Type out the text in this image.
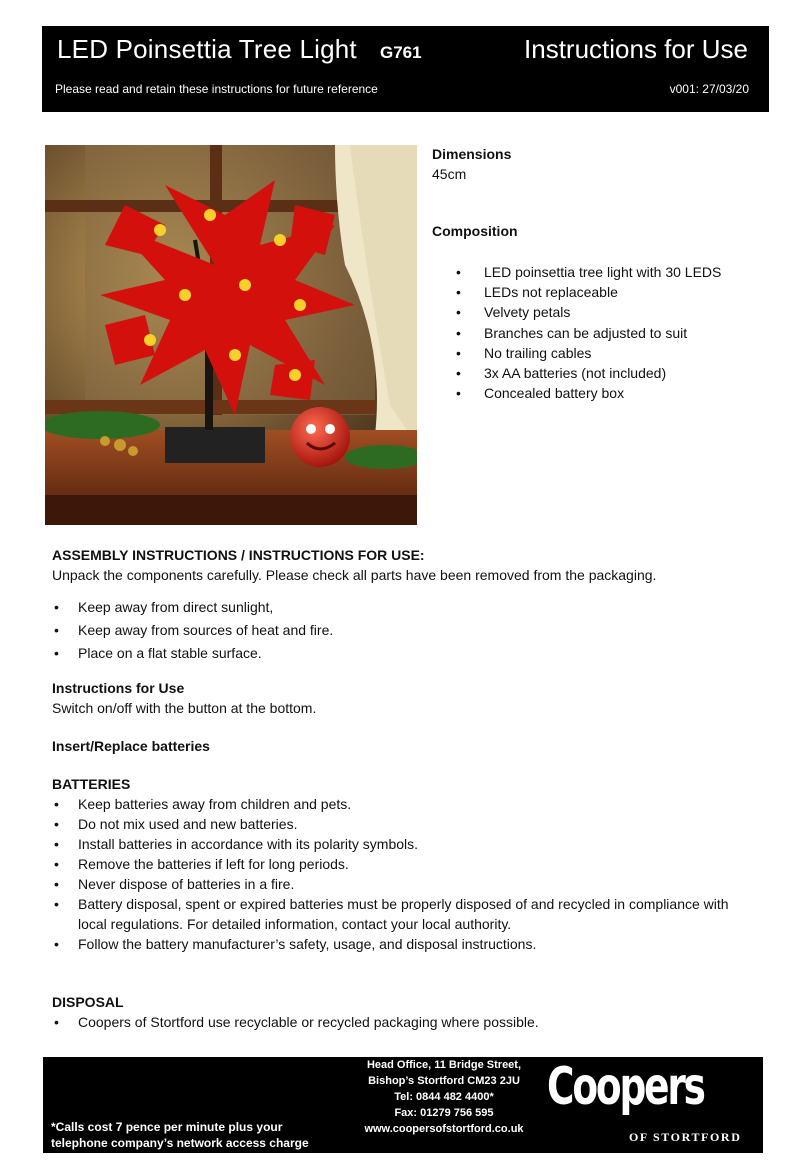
LED Poinsettia Tree Light G761	Instructions for Use
Please read and retain these instructions for future reference	v001: 27/03/20
Dimensions
45cm
Composition
• LED poinsettia tree light with 30 LEDS
• LEDs not replaceable
• Velvety petals
• Branches can be adjusted to suit
• No trailing cables
• 3x AA batteries (not included)
• Concealed battery box
ASSEMBLY INSTRUCTIONS / INSTRUCTIONS FOR USE:
Unpack the components carefully. Please check all parts have been removed from the packaging.
• Keep away from direct sunlight,
• Keep away from sources of heat and fire.
• Place on a flat stable surface.
Instructions for Use
Switch on/off with the button at the bottom.
Insert/Replace batteries
BATTERIES
• Keep batteries away from children and pets.
• Do not mix used and new batteries.
• Install batteries in accordance with its polarity symbols.
• Remove the batteries if left for long periods.
• Never dispose of batteries in a fire.
• Battery disposal, spent or expired batteries must be properly disposed of and recycled in compliance with local regulations. For detailed information, contact your local authority.
• Follow the battery manufacturer’s safety, usage, and disposal instructions.
DISPOSAL
• Coopers of Stortford use recyclable or recycled packaging where possible.
Head Office, 11 Bridge Street,
Bishop’s Stortford CM23 2JU
Tel: 0844 482 4400*
Fax: 01279 756 595
www.coopersofstortford.co.uk
*Calls cost 7 pence per minute plus your
telephone company’s network access charge
Coopers
OF STORTFORD
